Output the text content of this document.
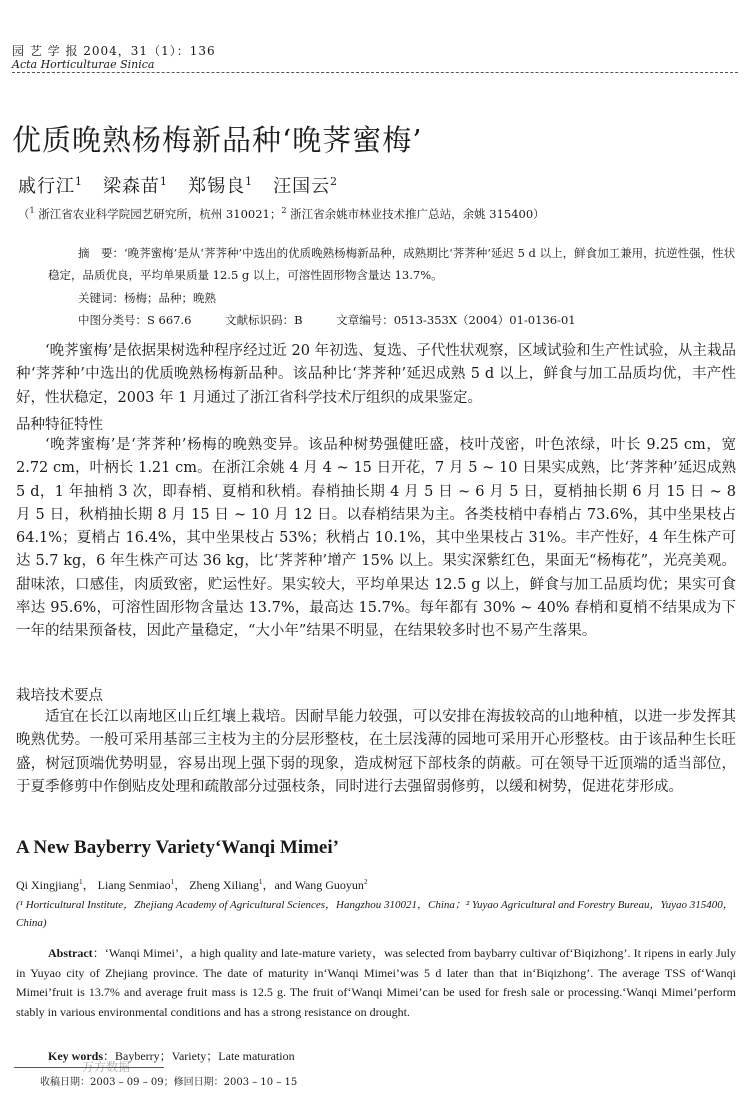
园 艺 学 报 2004，31（1）：136
Acta Horticulturae Sinica
优质晚熟杨梅新品种‘晚荠蜜梅’
戚行江$^1$ 梁森苗$^1$ 郑锡良$^1$ 汪国云$^2$
（$^1$ 浙江省农业科学院园艺研究所，杭州 310021；$^2$ 浙江省余姚市林业技术推广总站，余姚 315400）
摘　要：‘晚荠蜜梅’是从‘荠荠种’中选出的优质晚熟杨梅新品种，成熟期比‘荠荠种’延迟 5 d 以上，鲜食加工兼用，抗逆性强，性状稳定，品质优良，平均单果质量 12.5 g 以上，可溶性固形物含量达 13.7%。
关键词：杨梅；品种；晚熟
中图分类号：S 667.6	文献标识码：B	文章编号：0513-353X（2004）01-0136-01
‘晚荠蜜梅’是依据果树选种程序经过近 20 年初选、复选、子代性状观察，区域试验和生产性试验，从主栽品种‘荠荠种’中选出的优质晚熟杨梅新品种。该品种比‘荠荠种’延迟成熟 5 d 以上，鲜食与加工品质均优，丰产性好，性状稳定，2003 年 1 月通过了浙江省科学技术厅组织的成果鉴定。
品种特征特性
‘晚荠蜜梅’是‘荠荠种’杨梅的晚熟变异。该品种树势强健旺盛，枝叶茂密，叶色浓绿，叶长 9.25 cm，宽 2.72 cm，叶柄长 1.21 cm。在浙江余姚 4 月 4 ~ 15 日开花，7 月 5 ~ 10 日果实成熟，比‘荠荠种’延迟成熟 5 d，1 年抽梢 3 次，即春梢、夏梢和秋梢。春梢抽长期 4 月 5 日 ~ 6 月 5 日，夏梢抽长期 6 月 15 日 ~ 8 月 5 日，秋梢抽长期 8 月 15 日 ~ 10 月 12 日。以春梢结果为主。各类枝梢中春梢占 73.6%，其中坐果枝占 64.1%；夏梢占 16.4%，其中坐果枝占 53%；秋梢占 10.1%，其中坐果枝占 31%。丰产性好，4 年生株产可达 5.7 kg，6 年生株产可达 36 kg，比‘荠荠种’增产 15% 以上。果实深紫红色，果面无“杨梅花”，光亮美观。甜味浓，口感佳，肉质致密，贮运性好。果实较大，平均单果达 12.5 g 以上，鲜食与加工品质均优；果实可食率达 95.6%，可溶性固形物含量达 13.7%，最高达 15.7%。每年都有 30% ~ 40% 春梢和夏梢不结果成为下一年的结果预备枝，因此产量稳定，“大小年”结果不明显，在结果较多时也不易产生落果。
栽培技术要点
适宜在长江以南地区山丘红壤上栽培。因耐旱能力较强，可以安排在海拔较高的山地种植，以进一步发挥其晚熟优势。一般可采用基部三主枝为主的分层形整枝，在土层浅薄的园地可采用开心形整枝。由于该品种生长旺盛，树冠顶端优势明显，容易出现上强下弱的现象，造成树冠下部枝条的荫蔽。可在领导干近顶端的适当部位，于夏季修剪中作倒贴皮处理和疏散部分过强枝条，同时进行去强留弱修剪，以缓和树势，促进花芽形成。
A New Bayberry Variety‘Wanqi Mimei’
Qi Xingjiang$^1$， Liang Senmiao$^1$， Zheng Xiliang$^1$，and Wang Guoyun$^2$
(¹ Horticultural Institute，Zhejiang Academy of Agricultural Sciences，Hangzhou 310021，China；² Yuyao Agricultural and Forestry Bureau，Yuyao 315400，China)
Abstract：‘Wanqi Mimei’，a high quality and late-mature variety，was selected from baybarry cultivar of‘Biqizhong’. It ripens in early July in Yuyao city of Zhejiang province. The date of maturity in‘Wanqi Mimei’was 5 d later than that in‘Biqizhong’. The average TSS of‘Wanqi Mimei’fruit is 13.7% and average fruit mass is 12.5 g. The fruit of‘Wanqi Mimei’can be used for fresh sale or processing.‘Wanqi Mimei’perform stably in various environmental conditions and has a strong resistance on drought.
Key words：Bayberry；Variety；Late maturation
万方数据
收稿日期：2003 – 09 – 09；修回日期：2003 – 10 – 15
